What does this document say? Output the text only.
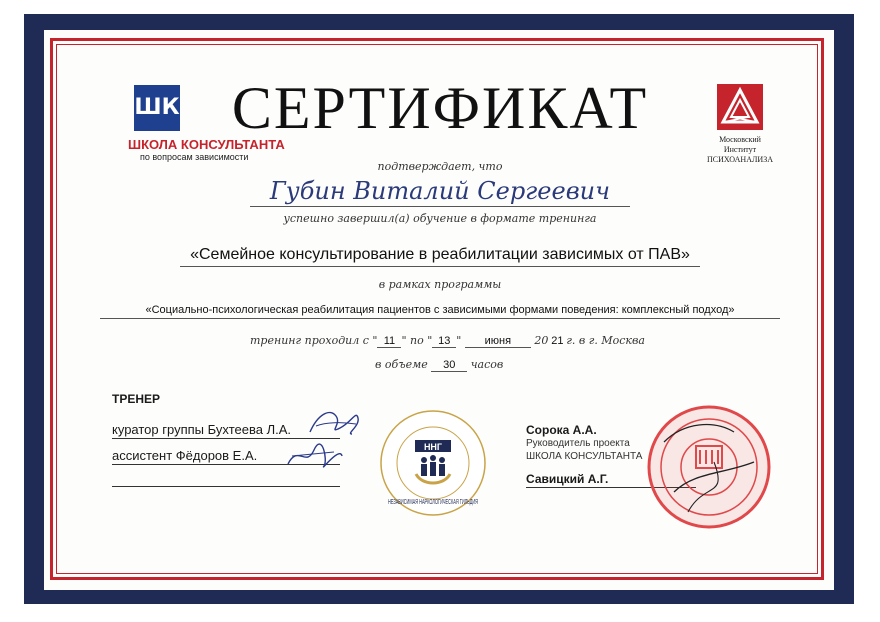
ШК
ШКОЛА КОНСУЛЬТАНТА
по вопросам зависимости
СЕРТИФИКАТ	Московский
Институт
ПСИХОАНАЛИЗА
подтверждает, что
Губин Виталий Сергеевич
успешно завершил(а) обучение в формате тренинга
«Семейное консультирование в реабилитации зависимых от ПАВ»
в рамках программы
«Социально-психологическая реабилитация пациентов с зависимыми формами поведения: комплексный подход»
тренинг проходил с " 11 " по " 13 " июня 20 21 г. в г. Москва
в объеме 30 часов
ТРЕНЕР
куратор группы Бухтеева Л.А.
ассистент Фёдоров Е.А.
НHГ
НЕЗАВИСИМАЯ НАРКОЛОГИЧЕСКАЯ ГИЛЬДИЯ
Сорока А.А.
Руководитель проекта
ШКОЛА КОНСУЛЬТАНТА
Савицкий А.Г.
